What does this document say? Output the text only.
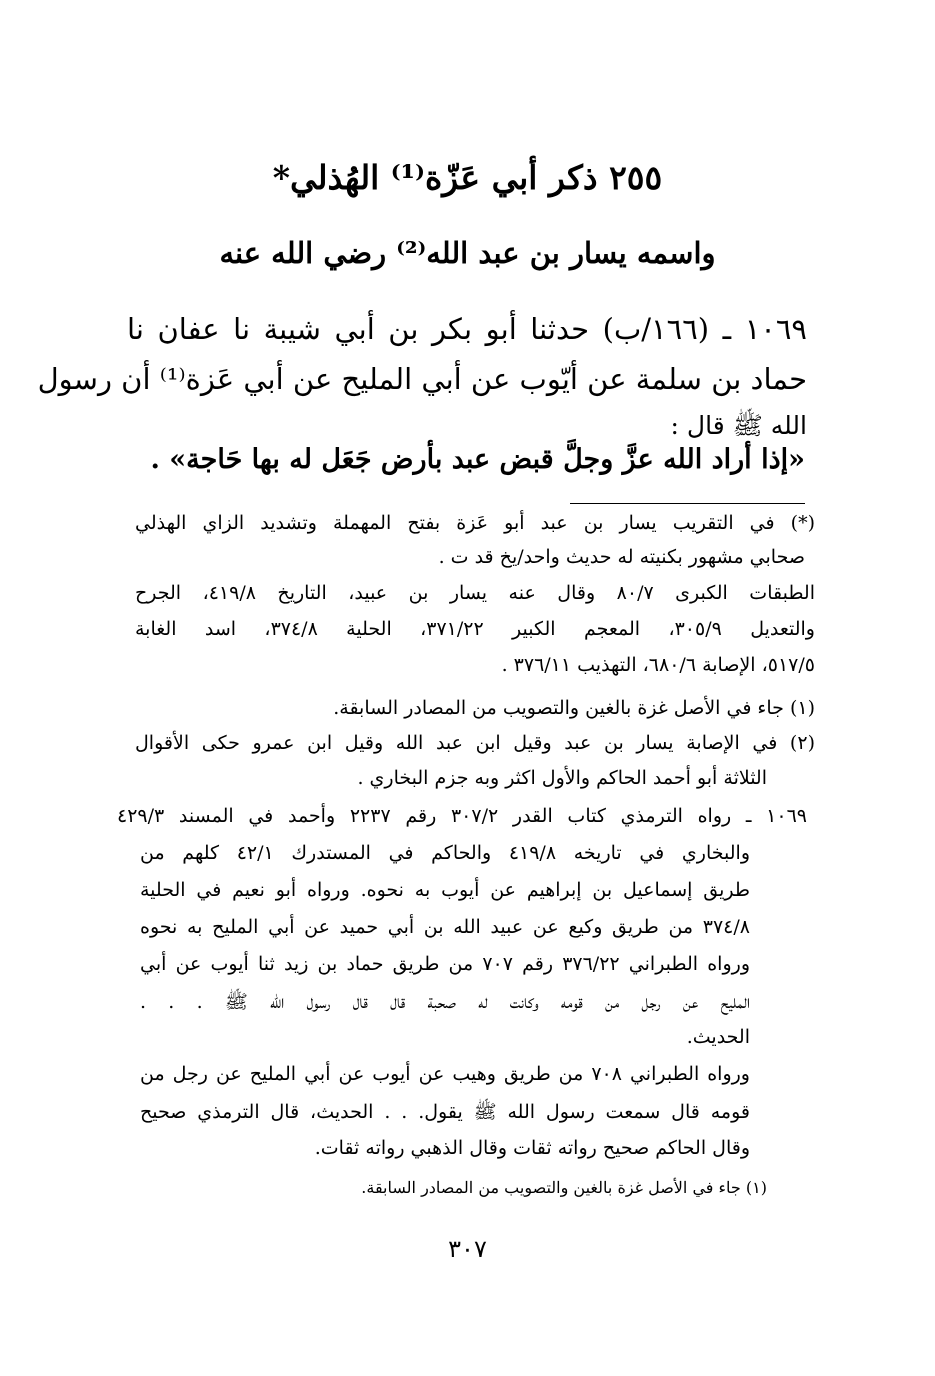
٢٥٥ ذكر أبي عَزّة⁽¹⁾ الهُذلي*
واسمه يسار بن عبد الله⁽²⁾ رضي الله عنه
١٠٦٩ ـ (١٦٦/ب) حدثنا أبو بكر بن أبي شيبة نا عفان نا
حماد بن سلمة عن أيّوب عن أبي المليح عن أبي عَزة⁽¹⁾ أن رسول
الله ﷺ قال :
«إذا أراد الله عزَّ وجلَّ قبض عبد بأرض جَعَل له بها حَاجة» .
(*) في التقريب يسار بن عبد أبو عَزة بفتح المهملة وتشديد الزاي الهذلي
صحابي مشهور بكنيته له حديث واحد/يخ قد ت .
الطبقات الكبرى ٨٠/٧ وقال عنه يسار بن عبيد، التاريخ ٤١٩/٨، الجرح
والتعديل ٣٠٥/٩، المعجم الكبير ٣٧١/٢٢، الحلية ٣٧٤/٨، اسد الغابة
٥١٧/٥، الإصابة ٦٨٠/٦، التهذيب ٣٧٦/١١ .
(١) جاء في الأصل غزة بالغين والتصويب من المصادر السابقة.
(٢) في الإصابة يسار بن عبد وقيل ابن عبد الله وقيل ابن عمرو حكى الأقوال
الثلاثة أبو أحمد الحاكم والأول اكثر وبه جزم البخاري .
١٠٦٩ ـ رواه الترمذي كتاب القدر ٣٠٧/٢ رقم ٢٢٣٧ وأحمد في المسند ٤٢٩/٣
والبخاري في تاريخه ٤١٩/٨ والحاكم في المستدرك ٤٢/١ كلهم من
طريق إسماعيل بن إبراهيم عن أيوب به نحوه. ورواه أبو نعيم في الحلية
٣٧٤/٨ من طريق وكيع عن عبيد الله بن أبي حميد عن أبي المليح به نحوه
ورواه الطبراني ٣٧٦/٢٢ رقم ٧٠٧ من طريق حماد بن زيد ثنا أيوب عن أبي
المليح عن رجل من قومه وكانت له صحبة قال قال رسول الله ﷺ . . .
الحديث.
ورواه الطبراني ٧٠٨ من طريق وهيب عن أيوب عن أبي المليح عن رجل من
قومه قال سمعت رسول الله ﷺ يقول. . . الحديث، قال الترمذي صحيح
وقال الحاكم صحيح رواته ثقات وقال الذهبي رواته ثقات.
(١) جاء في الأصل غزة بالغين والتصويب من المصادر السابقة.
٣٠٧
